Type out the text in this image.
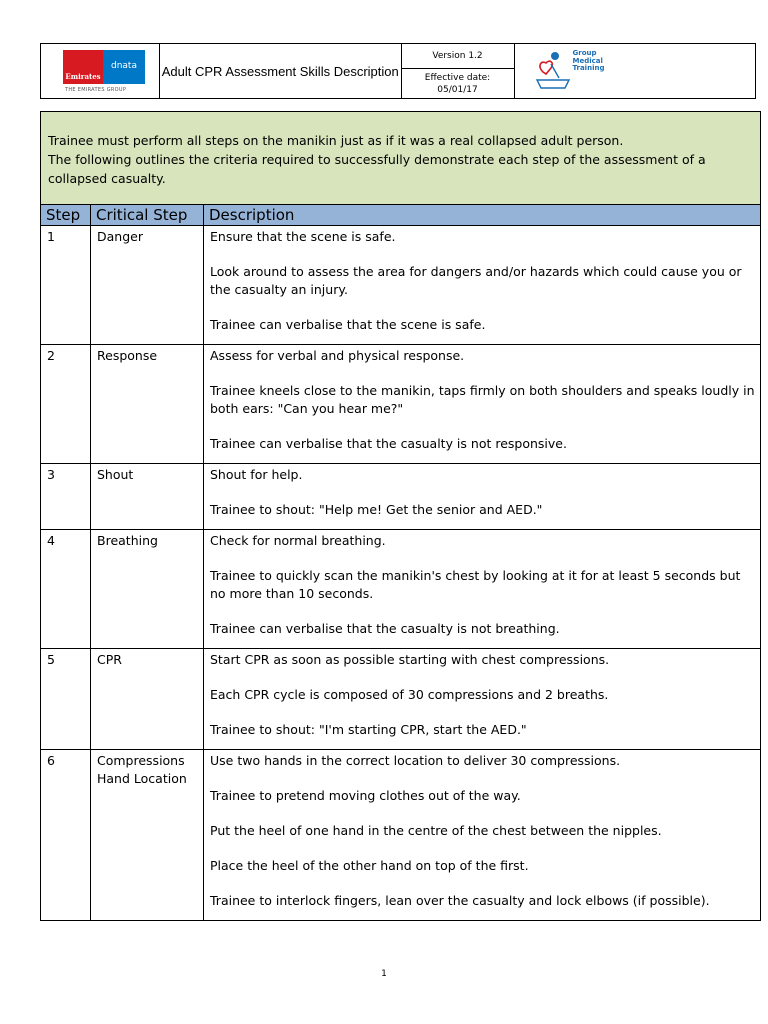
Emirates
dnata
THE EMIRATES GROUP
Adult CPR Assessment Skills Description
Version 1.2
Effective date:
05/01/17
Group
Medical
Training
Trainee must perform all steps on the manikin just as if it was a real collapsed adult person.
The following outlines the criteria required to successfully demonstrate each step of the assessment of a collapsed casualty.
Step	Critical Step	Description
1	Danger	Ensure that the scene is safe.

Look around to assess the area for dangers and/or hazards which could cause you or the casualty an injury.

Trainee can verbalise that the scene is safe.

2	Response	Assess for verbal and physical response.

Trainee kneels close to the manikin, taps firmly on both shoulders and speaks loudly in both ears: "Can you hear me?"

Trainee can verbalise that the casualty is not responsive.

3	Shout	Shout for help.

Trainee to shout: "Help me! Get the senior and AED."

4	Breathing	Check for normal breathing.

Trainee to quickly scan the manikin's chest by looking at it for at least 5 seconds but no more than 10 seconds.

Trainee can verbalise that the casualty is not breathing.

5	CPR	Start CPR as soon as possible starting with chest compressions.

Each CPR cycle is composed of 30 compressions and 2 breaths.

Trainee to shout: "I'm starting CPR, start the AED."

6	Compressions Hand Location	Use two hands in the correct location to deliver 30 compressions.

Trainee to pretend moving clothes out of the way.

Put the heel of one hand in the centre of the chest between the nipples.

Place the heel of the other hand on top of the first.

Trainee to interlock fingers, lean over the casualty and lock elbows (if possible).

1
